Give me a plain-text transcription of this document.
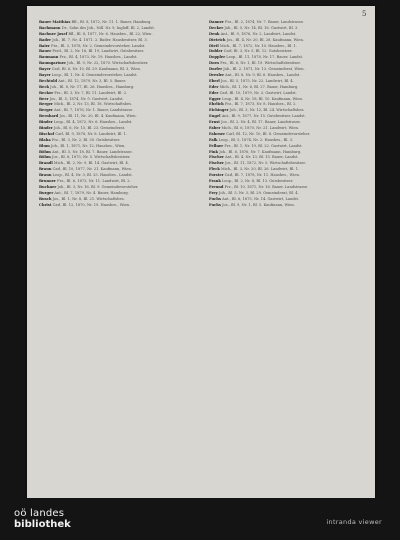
5

Bauer Matthias Bfl., Bl. 8, 1872, Nr. 11. 1. Bauer, Hamburg.

Bachmann Dr., Sohn des Joh., Ndl. Nr. 9, Ingloff, Bl. 2, Landst.

Bachner Josef Bfl., Bl. 8, 1877, Nr. 6. Hausbes., Bl. 22, Wien.

Bader Joh., Bl. 7, Nr. 4. 1871. 2. Bader, Hausbesitzer, Bl. 3.

Baier Frz., Bl. 3, 1878, Nr. 2. Gemeindevorsteher, Landst.

Bauer Ferd., Bl. 2, Nr. 16, Bl. 19, Landwirt, Gutsbesitzer.

Baumann Frz., Bl. 4, 1873, Nr. 19. Hausbes., Landst.

Baumgartner Joh., Bl. 9, Nr. 22, 1870. Wirtschaftsbesitzer.

Bayer Carl, Bl. 6, Nr. 10, Bl. 29. Kaufmann, Bl. 3, Wien.

Bayer Leop., Bl. 1, Nr. 4. Gemeindevorsteher, Landst.

Bechtold Ant., Bl. 12, 1879, Nr. 3, Bl. 5. Bauer.

Beck Joh., Bl. 8, Nr. 17, Bl. 26. Hausbes., Hamburg.

Becker Frz., Bl. 3, Nr. 7, Bl. 11. Landwirt, Bl. 2.

Beer Jos., Bl. 5, 1874, Nr. 9. Gastwirt, Landst.

Berger Mich., Bl. 2, Nr. 13, Bl. 18. Wirtschaftsbes.

Berger Ant., Bl. 7, 1876, Nr. 1. Bauer, Landstrasse.

Bernhard Jos., Bl. 11, Nr. 20, Bl. 4. Kaufmann, Wien.

Binder Leop., Bl. 4, 1872, Nr. 6. Hausbes., Landst.

Binder Joh., Bl. 6, Nr. 15, Bl. 23. Gemeinderat.

Bischof Carl, Bl. 9, 1878, Nr. 8. Landwirt, Bl. 1.

Blaha Frz., Bl. 3, Nr. 2, Bl. 30. Gutsbesitzer.

Blum Joh., Bl. 1, 1871, Nr. 12. Hausbes., Wien.

Böhm Ant., Bl. 5, Nr. 18, Bl. 7. Bauer, Landstrasse.

Böhm Jos., Bl. 8, 1875, Nr. 5. Wirtschaftsbesitzer.

Brandl Mich., Bl. 2, Nr. 9, Bl. 14. Gastwirt, Bl. 4.

Braun Carl, Bl. 10, 1877, Nr. 21. Kaufmann, Wien.

Braun Leop., Bl. 4, Nr. 3, Bl. 25. Hausbes., Landst.

Brunner Frz., Bl. 6, 1873, Nr. 11. Landwirt, Bl. 2.

Buchner Joh., Bl. 3, Nr. 16, Bl. 9. Gemeindevorsteher.

Burger Ant., Bl. 7, 1879, Nr. 4. Bauer, Hamburg.

Busch Jos., Bl. 1, Nr. 8, Bl. 21. Wirtschaftsbes.

Christ Carl, Bl. 12, 1870, Nr. 19. Hausbes., Wien.

Danner Frz., Bl. 2, 1874, Nr. 7. Bauer, Landstrasse.

Decker Joh., Bl. 5, Nr. 14, Bl. 16. Gastwirt, Bl. 3.

Denk Ant., Bl. 9, 1876, Nr. 2. Landwirt, Landst.

Dietrich Jos., Bl. 4, Nr. 20, Bl. 28. Kaufmann, Wien.

Dietl Mich., Bl. 7, 1872, Nr. 10. Hausbes., Bl. 1.

Dobler Carl, Bl. 3, Nr. 5, Bl. 12. Gutsbesitzer.

Doppler Leop., Bl. 11, 1878, Nr. 17. Bauer, Landst.

Dorn Frz., Bl. 6, Nr. 1, Bl. 19. Wirtschaftsbesitzer.

Dorfer Joh., Bl. 2, 1871, Nr. 13. Gemeinderat, Wien.

Drexler Ant., Bl. 8, Nr. 9, Bl. 6. Hausbes., Landst.

Eberl Jos., Bl. 5, 1875, Nr. 22. Landwirt, Bl. 4.

Eder Mich., Bl. 1, Nr. 6, Bl. 27. Bauer, Hamburg.

Eder Carl, Bl. 10, 1879, Nr. 3. Gastwirt, Landst.

Egger Leop., Bl. 4, Nr. 18, Bl. 10. Kaufmann, Wien.

Ehrlich Frz., Bl. 7, 1873, Nr. 8. Hausbes., Bl. 2.

Eichinger Joh., Bl. 3, Nr. 12, Bl. 24. Wirtschaftsbes.

Engel Ant., Bl. 9, 1877, Nr. 15. Gutsbesitzer, Landst.

Ernst Jos., Bl. 2, Nr. 4, Bl. 17. Bauer, Landstrasse.

Faber Mich., Bl. 6, 1870, Nr. 21. Landwirt, Wien.

Fahrner Carl, Bl. 12, Nr. 10, Bl. 8. Gemeindevorsteher.

Falk Leop., Bl. 5, 1874, Nr. 2. Hausbes., Bl. 3.

Fellner Frz., Bl. 1, Nr. 19, Bl. 22. Gastwirt, Landst.

Fink Joh., Bl. 8, 1876, Nr. 7. Kaufmann, Hamburg.

Fischer Ant., Bl. 4, Nr. 13, Bl. 15. Bauer, Landst.

Fischer Jos., Bl. 11, 1872, Nr. 5. Wirtschaftsbesitzer.

Fleck Mich., Bl. 3, Nr. 20, Bl. 26. Landwirt, Bl. 1.

Forster Carl, Bl. 7, 1878, Nr. 11. Hausbes., Wien.

Frank Leop., Bl. 2, Nr. 8, Bl. 13. Gutsbesitzer.

Freund Frz., Bl. 10, 1871, Nr. 16. Bauer, Landstrasse.

Frey Joh., Bl. 5, Nr. 3, Bl. 29. Gemeinderat, Bl. 4.

Fuchs Ant., Bl. 6, 1875, Nr. 14. Gastwirt, Landst.

Fuchs Jos., Bl. 9, Nr. 1, Bl. 5. Kaufmann, Wien.

oö landes
bibliothek	intranda viewer
